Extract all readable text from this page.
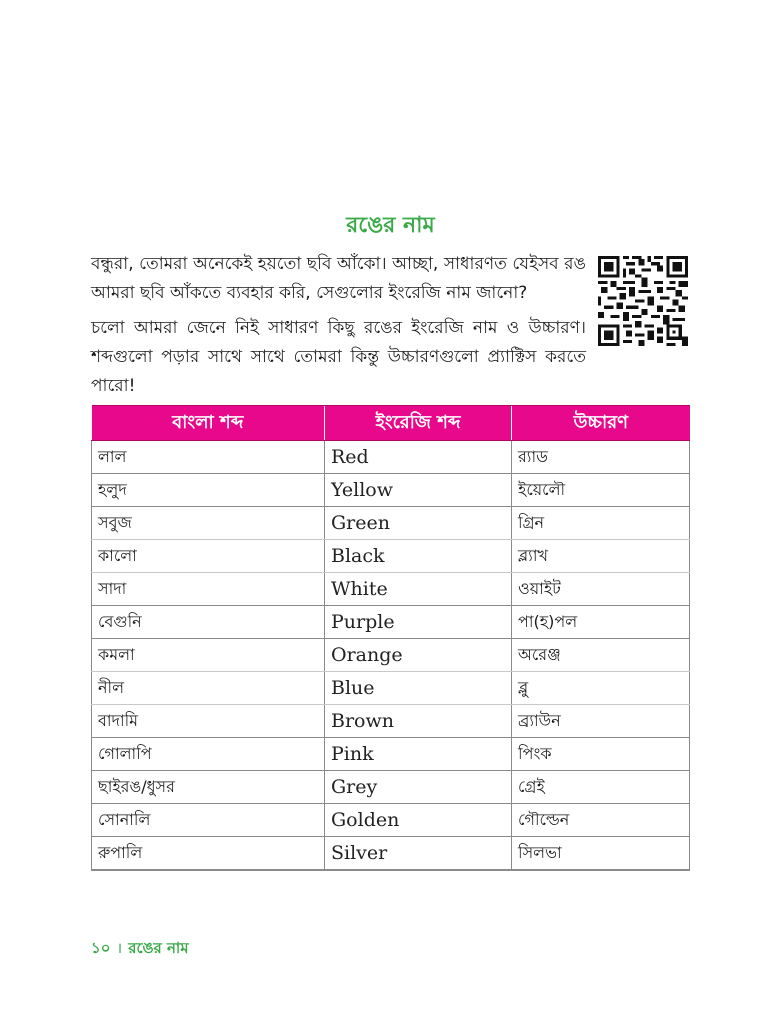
রঙের নাম

বন্ধুরা, তোমরা অনেকেই হয়তো ছবি আঁকো। আচ্ছা, সাধারণত যেইসব রঙ আমরা ছবি আঁকতে ব্যবহার করি, সেগুলোর ইংরেজি নাম জানো?

চলো আমরা জেনে নিই সাধারণ কিছু রঙের ইংরেজি নাম ও উচ্চারণ। শব্দগুলো পড়ার সাথে সাথে তোমরা কিন্তু উচ্চারণগুলো প্র্যাক্টিস করতে পারো!

বাংলা শব্দ	ইংরেজি শব্দ	উচ্চারণ
লাল	Red	র‍্যাড
হলুদ	Yellow	ইয়েলৌ
সবুজ	Green	গ্রিন
কালো	Black	ব্ল্যাখ
সাদা	White	ওয়াইট
বেগুনি	Purple	পা(হ)পল
কমলা	Orange	অরেঞ্জ
নীল	Blue	ব্লু
বাদামি	Brown	ব্র্যাউন
গোলাপি	Pink	পিংক
ছাইরঙ/ধুসর	Grey	গ্রেই
সোনালি	Golden	গৌল্ডেন
রুপালি	Silver	সিলভা
১০ । রঙের নাম
